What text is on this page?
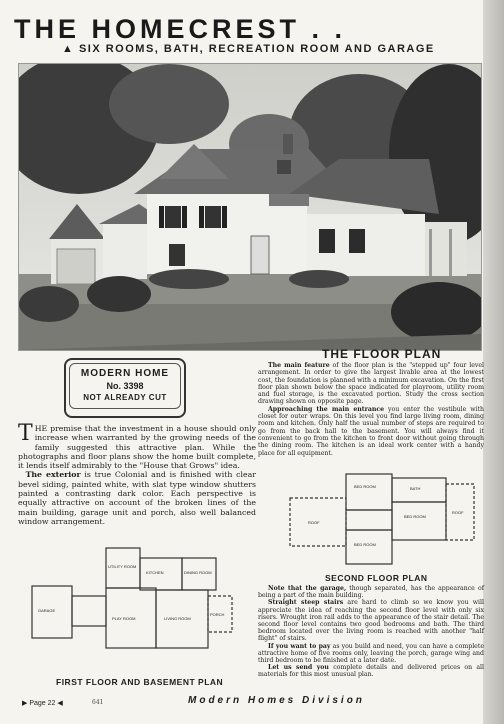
THE HOMECREST . .
▲ SIX ROOMS, BATH, RECREATION ROOM AND GARAGE
MODERN HOME
No. 3398
NOT ALREADY CUT
THE FLOOR PLAN

The main feature of the floor plan is the "stepped up" four level arrangement. In order to give the largest livable area at the lowest cost, the foundation is planned with a minimum excavation. On the first floor plan shown below the space indicated for playroom, utility room and fuel storage, is the excavated portion. Study the cross section drawing shown on opposite page.

Approaching the main entrance you enter the vestibule with closet for outer wraps. On this level you find large living room, dining room and kitchen. Only half the usual number of steps are required to go from the back hall to the basement. You will always find it convenient to go from the kitchen to front door without going through the dining room. The kitchen is an ideal work center with a handy place for all equipment.

THE premise that the investment in a house should only increase when warranted by the growing needs of the family suggested this attractive plan. While the photographs and floor plans show the home built complete, it lends itself admirably to the "House that Grows" idea.

The exterior is true Colonial and is finished with clear bevel siding, painted white, with slat type window shutters painted a contrasting dark color. Each perspective is equally attractive on account of the broken lines of the main building, garage unit and porch, also well balanced window arrangement.

BED ROOM	BATH
BED ROOM
BED ROOM
ROOF
ROOF
SECOND FLOOR PLAN

Note that the garage, though separated, has the appearance of being a part of the main building.

Straight steep stairs are hard to climb so we know you will appreciate the idea of reaching the second floor level with only six risers. Wrought iron rail adds to the appearance of the stair detail. The second floor level contains two good bedrooms and bath. The third bedroom located over the living room is reached with another "half flight" of stairs.

If you want to pay as you build and need, you can have a complete attractive home of five rooms only, leaving the porch, garage wing and third bedroom to be finished at a later date.

Let us send you complete details and delivered prices on all materials for this most unusual plan.

GARAGE
PLAY ROOM	LIVING ROOM
KITCHEN	DINING ROOM
UTILITY ROOM
PORCH
FIRST FLOOR AND BASEMENT PLAN
▶ Page 22 ◀	641	Modern Homes Division
